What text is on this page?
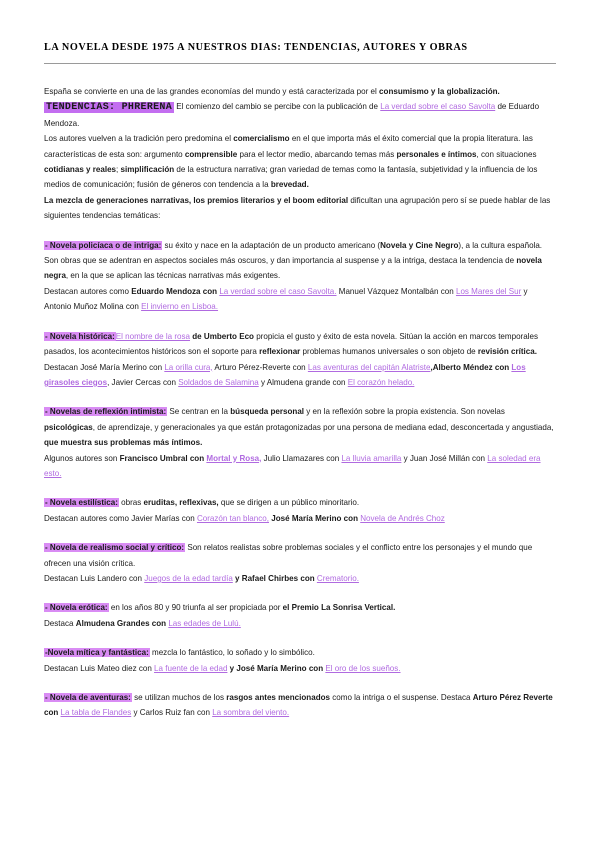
LA NOVELA DESDE 1975 A NUESTROS DIAS: TENDENCIAS, AUTORES Y OBRAS

España se convierte en una de las grandes economías del mundo y está caracterizada por el consumismo y la globalización.

TENDENCIAS: PHRERENA El comienzo del cambio se percibe con la publicación de La verdad sobre el caso Savolta de Eduardo Mendoza.

Los autores vuelven a la tradición pero predomina el comercialismo en el que importa más el éxito comercial que la propia literatura. las características de esta son: argumento comprensible para el lector medio, abarcando temas más personales e íntimos, con situaciones cotidianas y reales; simplificación de la estructura narrativa; gran variedad de temas como la fantasía, subjetividad y la influencia de los medios de comunicación; fusión de géneros con tendencia a la brevedad.

La mezcla de generaciones narrativas, los premios literarios y el boom editorial dificultan una agrupación pero sí se puede hablar de las siguientes tendencias temáticas:

- Novela policíaca o de intriga: su éxito y nace en la adaptación de un producto americano (Novela y Cine Negro), a la cultura española. Son obras que se adentran en aspectos sociales más oscuros, y dan importancia al suspense y a la intriga, destaca la tendencia de novela negra, en la que se aplican las técnicas narrativas más exigentes.

Destacan autores como Eduardo Mendoza con La verdad sobre el caso Savolta. Manuel Vázquez Montalbán con Los Mares del Sur y Antonio Muñoz Molina con El invierno en Lisboa.

- Novela histórica:El nombre de la rosa de Umberto Eco propicia el gusto y éxito de esta novela. Sitúan la acción en marcos temporales pasados, los acontecimientos históricos son el soporte para reflexionar problemas humanos universales o son objeto de revisión crítica.

Destacan José María Merino con La orilla cura, Arturo Pérez-Reverte con Las aventuras del capitán Alatriste,Alberto Méndez con Los girasoles ciegos, Javier Cercas con Soldados de Salamina y Almudena grande con El corazón helado.

- Novelas de reflexión intimista: Se centran en la búsqueda personal y en la reflexión sobre la propia existencia. Son novelas psicológicas, de aprendizaje, y generacionales ya que están protagonizadas por una persona de mediana edad, desconcertada y angustiada, que muestra sus problemas más íntimos.

Algunos autores son Francisco Umbral con Mortal y Rosa, Julio Llamazares con La lluvia amarilla y Juan José Millán con La soledad era esto.

- Novela estilística: obras eruditas, reflexivas, que se dirigen a un público minoritario.

Destacan autores como Javier Marías con Corazón tan blanco, José María Merino con Novela de Andrés Choz

- Novela de realismo social y crítico: Son relatos realistas sobre problemas sociales y el conflicto entre los personajes y el mundo que ofrecen una visión crítica.

Destacan Luis Landero con Juegos de la edad tardía y Rafael Chirbes con Crematorio.

- Novela erótica: en los años 80 y 90 triunfa al ser propiciada por el Premio La Sonrisa Vertical.

Destaca Almudena Grandes con Las edades de Lulú.

-Novela mítica y fantástica: mezcla lo fantástico, lo soñado y lo simbólico.

Destacan Luis Mateo diez con La fuente de la edad y José María Merino con El oro de los sueños.

- Novela de aventuras: se utilizan muchos de los rasgos antes mencionados como la intriga o el suspense. Destaca Arturo Pérez Reverte con La tabla de Flandes y Carlos Ruiz fan con La sombra del viento.
